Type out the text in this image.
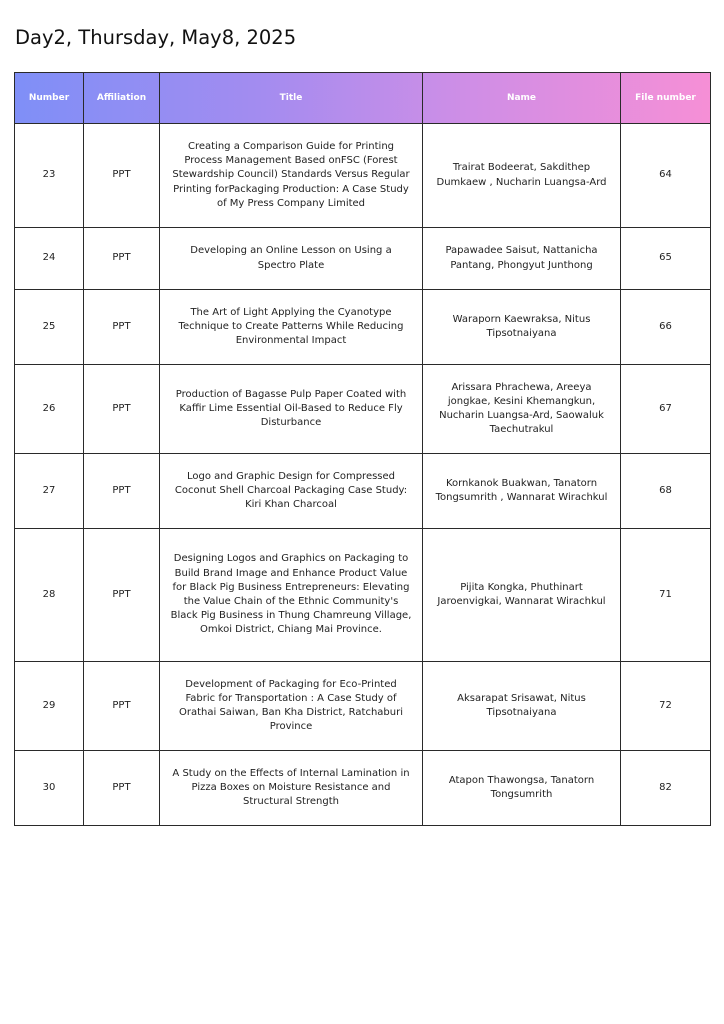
Day2, Thursday, May8, 2025
Number	Affiliation	Title	Name	File number
23	PPT	Creating a Comparison Guide for Printing Process Management Based onFSC (Forest Stewardship Council) Standards Versus Regular Printing forPackaging Production: A Case Study of My Press Company Limited	Trairat Bodeerat, Sakdithep Dumkaew , Nucharin Luangsa-Ard	64
24	PPT	Developing an Online Lesson on Using a Spectro Plate	Papawadee Saisut, Nattanicha Pantang, Phongyut Junthong	65
25	PPT	The Art of Light Applying the Cyanotype Technique to Create Patterns While Reducing Environmental Impact	Waraporn Kaewraksa, Nitus Tipsotnaiyana	66
26	PPT	Production of Bagasse Pulp Paper Coated with Kaffir Lime Essential Oil-Based to Reduce Fly Disturbance	Arissara Phrachewa, Areeya jongkae, Kesini Khemangkun, Nucharin Luangsa-Ard, Saowaluk Taechutrakul	67
27	PPT	Logo and Graphic Design for Compressed Coconut Shell Charcoal Packaging Case Study: Kiri Khan Charcoal	Kornkanok Buakwan, Tanatorn Tongsumrith , Wannarat Wirachkul	68
28	PPT	Designing Logos and Graphics on Packaging to Build Brand Image and Enhance Product Value for Black Pig Business Entrepreneurs: Elevating the Value Chain of the Ethnic Community's Black Pig Business in Thung Chamreung Village, Omkoi District, Chiang Mai Province.	Pijita Kongka, Phuthinart Jaroenvigkai, Wannarat Wirachkul	71
29	PPT	Development of Packaging for Eco-Printed Fabric for Transportation : A Case Study of Orathai Saiwan, Ban Kha District, Ratchaburi Province	Aksarapat Srisawat, Nitus Tipsotnaiyana	72
30	PPT	A Study on the Effects of Internal Lamination in Pizza Boxes on Moisture Resistance and Structural Strength	Atapon Thawongsa, Tanatorn Tongsumrith	82
